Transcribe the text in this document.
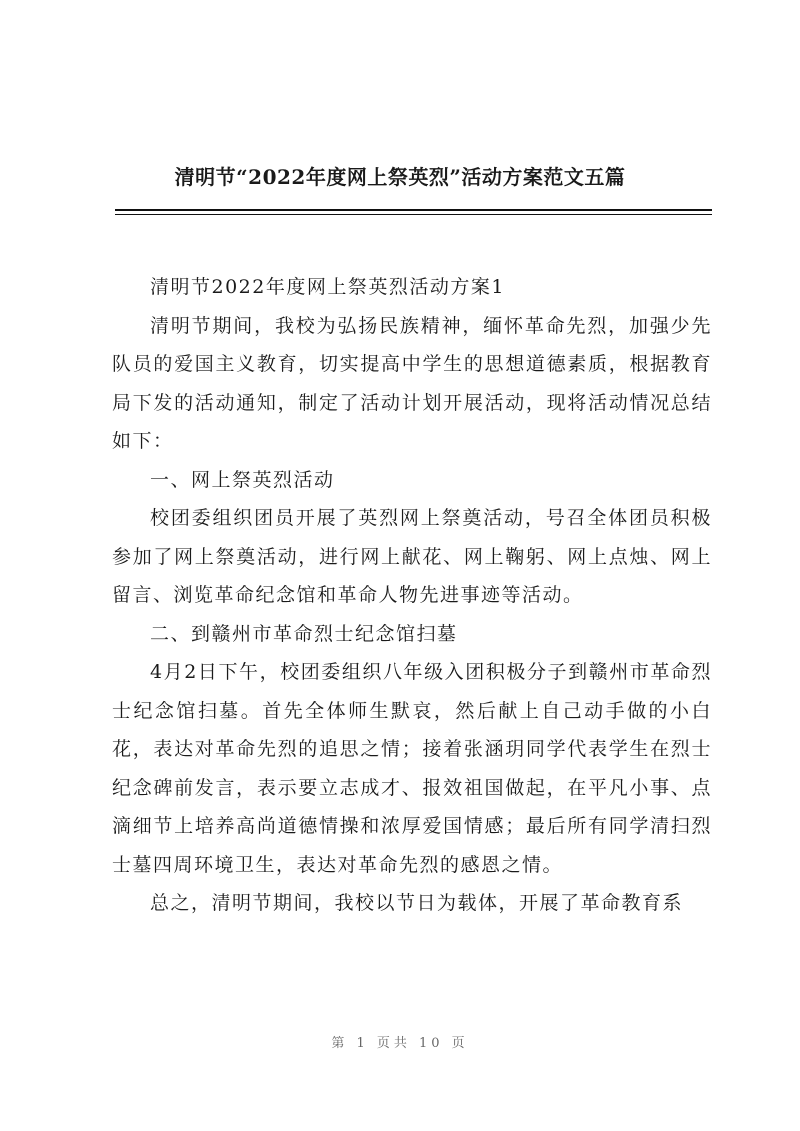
清明节“2022年度网上祭英烈”活动方案范文五篇

清明节2022年度网上祭英烈活动方案1

清明节期间，我校为弘扬民族精神，缅怀革命先烈，加强少先队员的爱国主义教育，切实提高中学生的思想道德素质，根据教育局下发的活动通知，制定了活动计划开展活动，现将活动情况总结如下：

一、网上祭英烈活动

校团委组织团员开展了英烈网上祭奠活动，号召全体团员积极参加了网上祭奠活动，进行网上献花、网上鞠躬、网上点烛、网上留言、浏览革命纪念馆和革命人物先进事迹等活动。

二、到赣州市革命烈士纪念馆扫墓

4月2日下午，校团委组织八年级入团积极分子到赣州市革命烈士纪念馆扫墓。首先全体师生默哀，然后献上自己动手做的小白花，表达对革命先烈的追思之情；接着张涵玥同学代表学生在烈士纪念碑前发言，表示要立志成才、报效祖国做起，在平凡小事、点滴细节上培养高尚道德情操和浓厚爱国情感；最后所有同学清扫烈士墓四周环境卫生，表达对革命先烈的感恩之情。

总之，清明节期间，我校以节日为载体，开展了革命教育系

第 1 页共 10 页
